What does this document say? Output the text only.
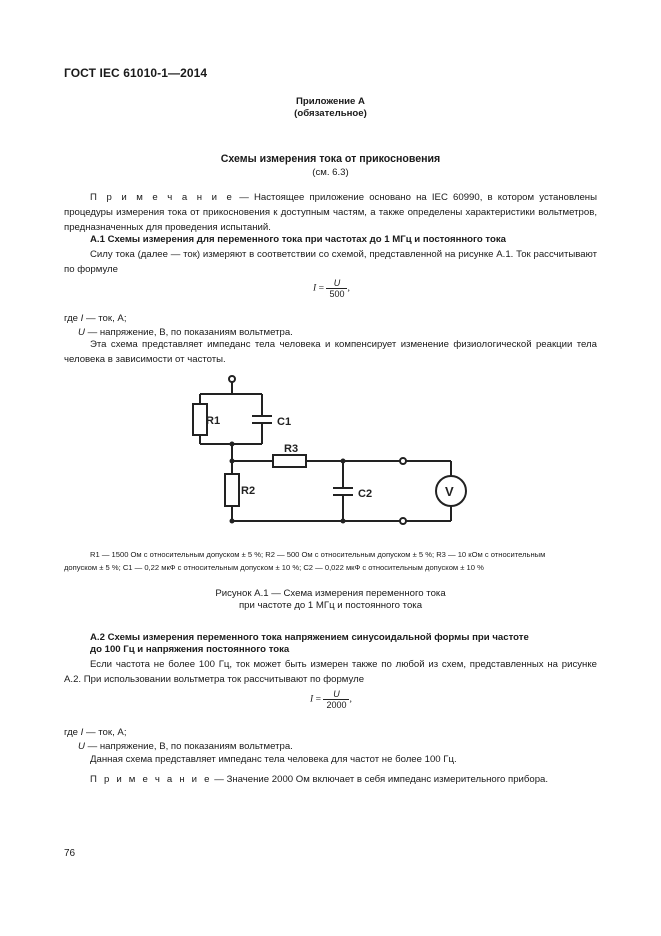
ГОСТ IEC 61010-1—2014
Приложение А
(обязательное)
Схемы измерения тока от прикосновения
(см. 6.3)
П р и м е ч а н и е — Настоящее приложение основано на IEC 60990, в котором установлены процедуры измерения тока от прикосновения к доступным частям, а также определены характеристики вольтметров, предназначенных для проведения испытаний.
А.1 Схемы измерения для переменного тока при частотах до 1 МГц и постоянного тока
Силу тока (далее — ток) измеряют в соответствии со схемой, представленной на рисунке А.1. Ток рассчитывают по формуле
$I = \frac{U}{500}$ ,
где I — ток, А;
U — напряжение, В, по показаниям вольтметра.
Эта схема представляет импеданс тела человека и компенсирует изменение физиологической реакции тела человека в зависимости от частоты.
R1	C1
R3
R2	C2	V
R1 — 1500 Ом с относительным допуском ± 5 %; R2 — 500 Ом с относительным допуском ± 5 %; R3 — 10 кОм с относительным
допуском ± 5 %; C1 — 0,22 мкФ с относительным допуском ± 10 %; C2 — 0,022 мкФ с относительным допуском ± 10 %
Рисунок А.1 — Схема измерения переменного тока
при частоте до 1 МГц и постоянного тока
А.2 Схемы измерения переменного тока напряжением синусоидальной формы при частоте
до 100 Гц и напряжения постоянного тока
Если частота не более 100 Гц, ток может быть измерен также по любой из схем, представленных на рисунке А.2. При использовании вольтметра ток рассчитывают по формуле
$I = \frac{U}{2000}$ ,
где I — ток, А;
U — напряжение, В, по показаниям вольтметра.
Данная схема представляет импеданс тела человека для частот не более 100 Гц.
П р и м е ч а н и е — Значение 2000 Ом включает в себя импеданс измерительного прибора.
76
